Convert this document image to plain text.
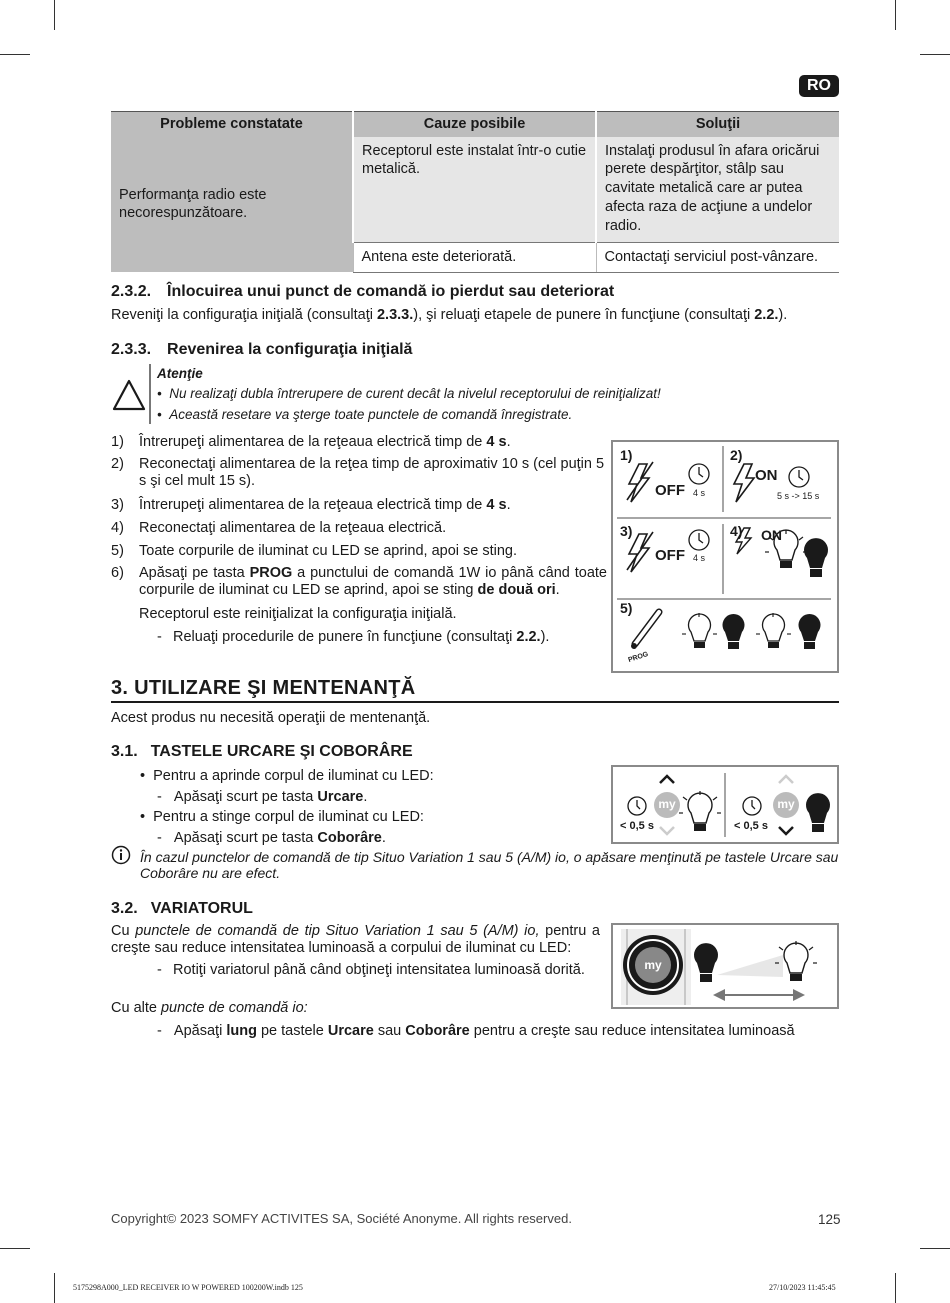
RO
Probleme constatate	Cauze posibile	Soluţii
Performanţa radio este necorespunzătoare.	Receptorul este instalat într-o cutie metalică.	Instalaţi produsul în afara oricărui perete despărţitor, stâlp sau cavitate metalică care ar putea afecta raza de acţiune a undelor radio.
	Antena este deteriorată.	Contactaţi serviciul post-vânzare.
2.3.2. Înlocuirea unui punct de comandă io pierdut sau deteriorat
Reveniţi la configuraţia iniţială (consultaţi 2.3.3.), şi reluaţi etapele de punere în funcţiune (consultaţi 2.2.).
2.3.3. Revenirea la configuraţia iniţială
Atenţie
•  Nu realizaţi dubla întrerupere de curent decât la nivelul receptorului de reiniţializat!
•  Această resetare va şterge toate punctele de comandă înregistrate.
1) Întrerupeţi alimentarea de la reţeaua electrică timp de 4 s.
2) Reconectaţi alimentarea de la reţea timp de aproximativ 10 s (cel puţin 5 s şi cel mult 15 s).
3) Întrerupeţi alimentarea de la reţeaua electrică timp de 4 s.
4) Reconectaţi alimentarea de la reţeaua electrică.
5) Toate corpurile de iluminat cu LED se aprind, apoi se sting.
6) Apăsaţi pe tasta PROG a punctului de comandă 1W io până când toate corpurile de iluminat cu LED se aprind, apoi se sting de două ori.
Receptorul este reiniţializat la configuraţia iniţială.
- Reluaţi procedurile de punere în funcţiune (consultaţi 2.2.).
1)	2)
3)	4)
5)
OFF 4 s
ON
5 s -> 15 s
OFF 4 s
ON
PROG
3. UTILIZARE ŞI MENTENANŢĂ
Acest produs nu necesită operaţii de mentenanţă.
3.1. TASTELE URCARE ŞI COBORÂRE
•  Pentru a aprinde corpul de iluminat cu LED:
-   Apăsaţi scurt pe tasta Urcare.
•  Pentru a stinge corpul de iluminat cu LED:
-   Apăsaţi scurt pe tasta Coborâre.
În cazul punctelor de comandă de tip Situo Variation 1 sau 5 (A/M) io, o apăsare menţinută pe tastele Urcare sau Coborâre nu are efect.
my	my
< 0,5 s	< 0,5 s
3.2. VARIATORUL
Cu punctele de comandă de tip Situo Variation 1 sau 5 (A/M) io, pentru a creşte sau reduce intensitatea luminoasă a corpului de iluminat cu LED:
- Rotiţi variatorul până când obţineţi intensitatea luminoasă dorită.
Cu alte puncte de comandă io:
-   Apăsaţi lung pe tastele Urcare sau Coborâre pentru a creşte sau reduce intensitatea luminoasă
my
Copyright© 2023 SOMFY ACTIVITES SA, Société Anonyme. All rights reserved.	125
5175298A000_LED RECEIVER IO W POWERED 100200W.indb 125	27/10/2023 11:45:45
